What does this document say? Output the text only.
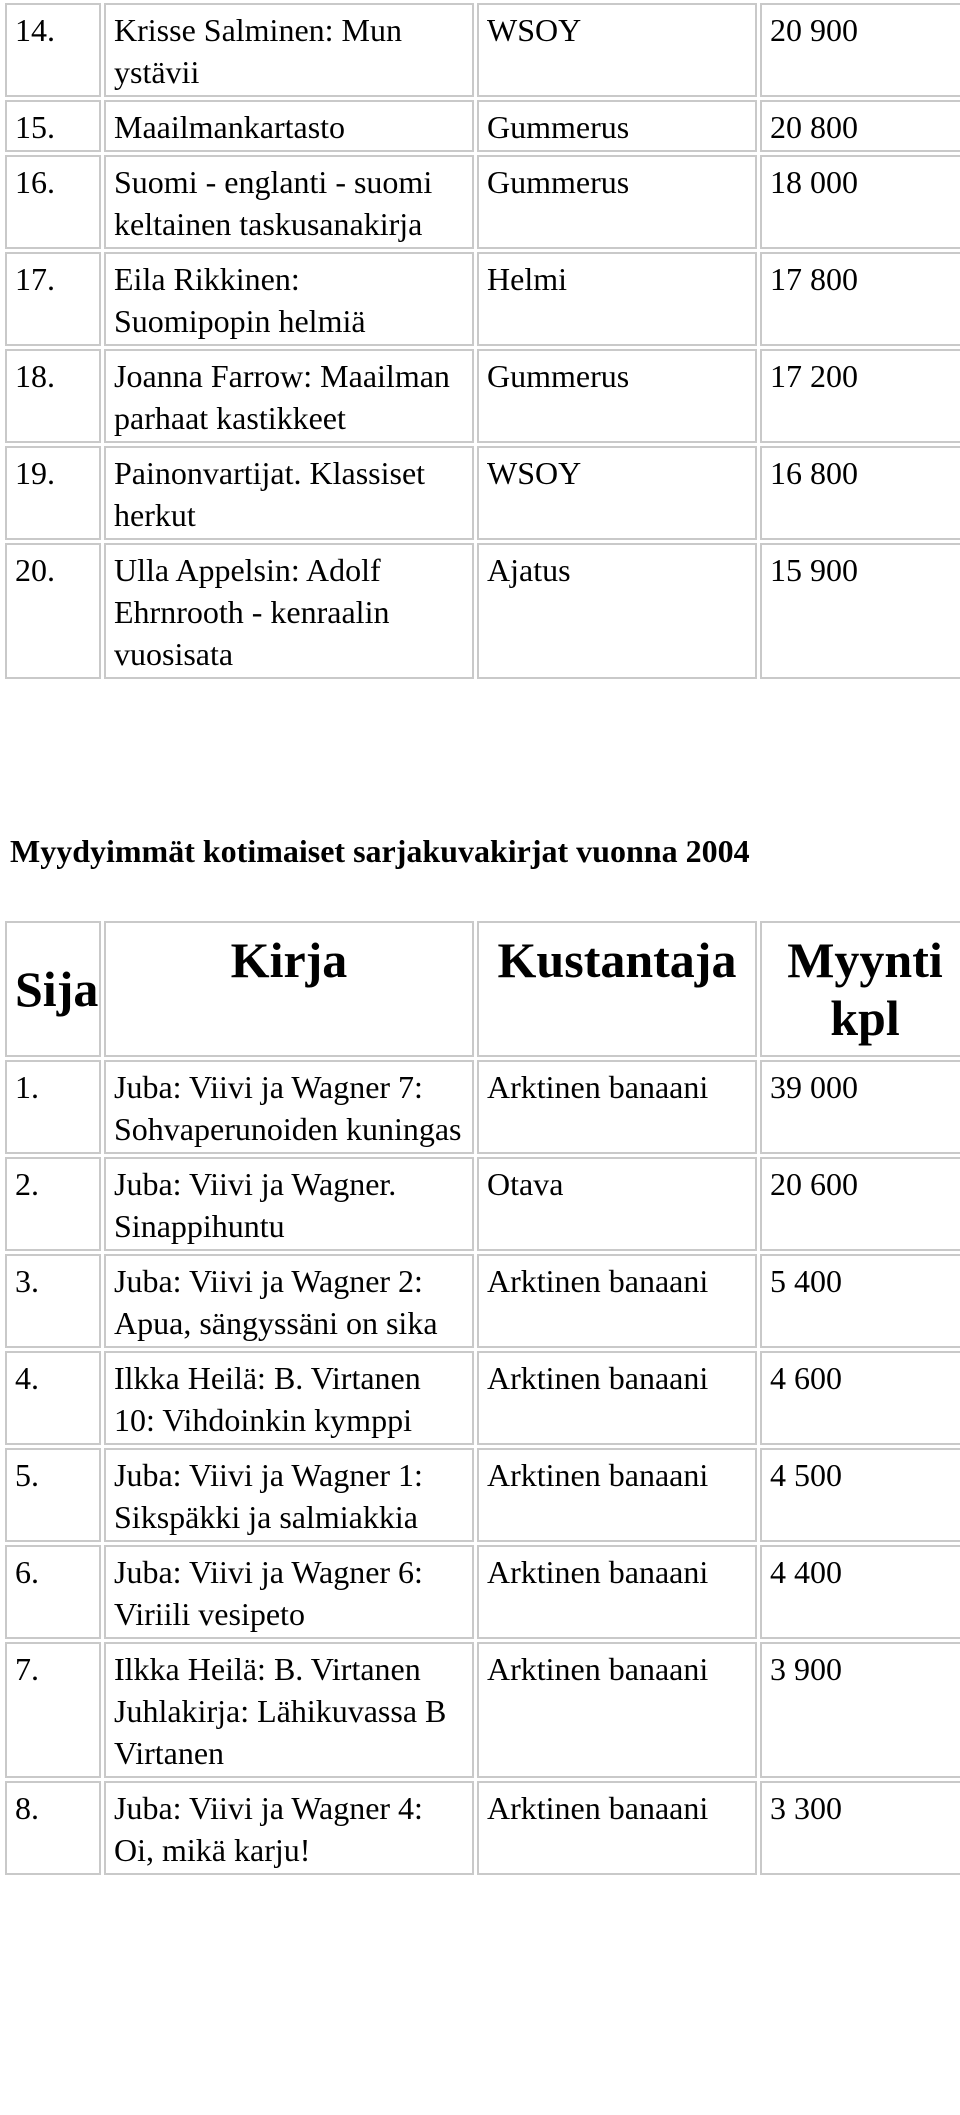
14.	Krisse Salminen: Mun ystävii	WSOY	20 900
15.	Maailmankartasto	Gummerus	20 800
16.	Suomi - englanti - suomi keltainen taskusanakirja	Gummerus	18 000
17.	Eila Rikkinen: Suomipopin helmiä	Helmi	17 800
18.	Joanna Farrow: Maailman parhaat kastikkeet	Gummerus	17 200
19.	Painonvartijat. Klassiset herkut	WSOY	16 800
20.	Ulla Appelsin: Adolf Ehrnrooth - kenraalin vuosisata	Ajatus	15 900
Myydyimmät kotimaiset sarjakuvakirjat vuonna 2004
Sija	Kirja	Kustantaja	Myynti kpl
1.	Juba: Viivi ja Wagner 7: Sohvaperunoiden kuningas	Arktinen banaani	39 000
2.	Juba: Viivi ja Wagner. Sinappihuntu	Otava	20 600
3.	Juba: Viivi ja Wagner 2: Apua, sängyssäni on sika	Arktinen banaani	5 400
4.	Ilkka Heilä: B. Virtanen 10: Vihdoinkin kymppi	Arktinen banaani	4 600
5.	Juba: Viivi ja Wagner 1: Sikspäkki ja salmiakkia	Arktinen banaani	4 500
6.	Juba: Viivi ja Wagner 6: Viriili vesipeto	Arktinen banaani	4 400
7.	Ilkka Heilä: B. Virtanen Juhlakirja: Lähikuvassa B Virtanen	Arktinen banaani	3 900
8.	Juba: Viivi ja Wagner 4: Oi, mikä karju!	Arktinen banaani	3 300
